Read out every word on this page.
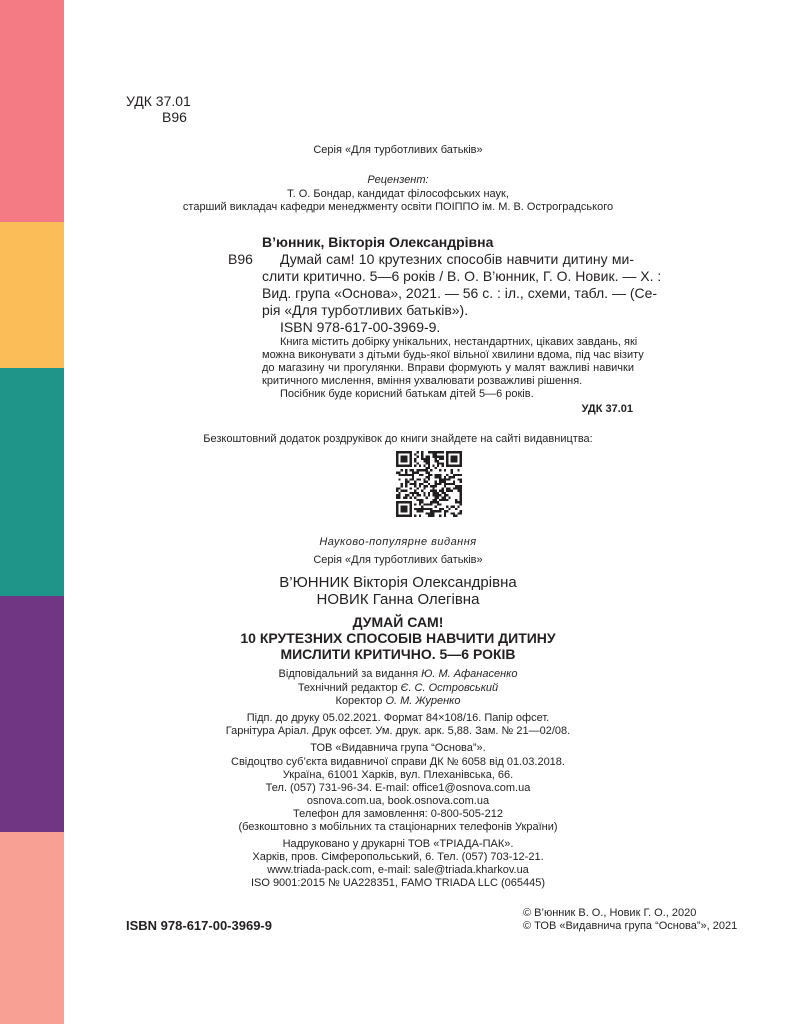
УДК 37.01
В96
Серія «Для турботливих батьків»
Рецензент:
Т. О. Бондар, кандидат філософських наук,
старший викладач кафедри менеджменту освіти ПОІППО ім. М. В. Остроградського
В’юнник, Вікторія Олександрівна
В96	Думай сам! 10 крутезних способів навчити дитину ми-
слити критично. 5—6 років / В. О. В’юнник, Г. О. Новик. — Х. :
Вид. група «Основа», 2021. — 56 с. : іл., схеми, табл. — (Се-
рія «Для турботливих батьків»).
ISBN 978-617-00-3969-9.
Книга містить добірку унікальних, нестандартних, цікавих завдань, які
можна виконувати з дітьми будь-якої вільної хвилини вдома, під час візиту
до магазину чи прогулянки. Вправи формують у малят важливі навички
критичного мислення, вміння ухвалювати розважливі рішення.
Посібник буде корисний батькам дітей 5—6 років.
УДК 37.01
Безкоштовний додаток роздруківок до книги знайдете на сайті видавництва:
Науково-популярне видання
Серія «Для турботливих батьків»
В’ЮННИК Вікторія Олександрівна
НОВИК Ганна Олегівна
ДУМАЙ САМ!
10 КРУТЕЗНИХ СПОСОБІВ НАВЧИТИ ДИТИНУ
МИСЛИТИ КРИТИЧНО. 5—6 РОКІВ
Відповідальний за видання Ю. М. Афанасенко
Технічний редактор Є. С. Островський
Коректор О. М. Журенко
Підп. до друку 05.02.2021. Формат 84×108/16. Папір офсет.
Гарнітура Аріал. Друк офсет. Ум. друк. арк. 5,88. Зам. № 21—02/08.
ТОВ «Видавнича група “Основа”».
Свідоцтво суб’єкта видавничої справи ДК № 6058 від 01.03.2018.
Україна, 61001 Харків, вул. Плеханівська, 66.
Тел. (057) 731-96-34. E-mail: office1@osnova.com.ua
osnova.com.ua, book.osnova.com.ua
Телефон для замовлення: 0-800-505-212
(безкоштовно з мобільних та стаціонарних телефонів України)
Надруковано у друкарні ТОВ «ТРІАДА-ПАК».
Харків, пров. Сімферопольський, 6. Тел. (057) 703-12-21.
www.triada-pack.com, e-mail: sale@triada.kharkov.ua
ISO 9001:2015 № UA228351, FAMO TRIADA LLC (065445)
ISBN 978-617-00-3969-9
© В’юнник В. О., Новик Г. О., 2020
© ТОВ «Видавнича група “Основа”», 2021
